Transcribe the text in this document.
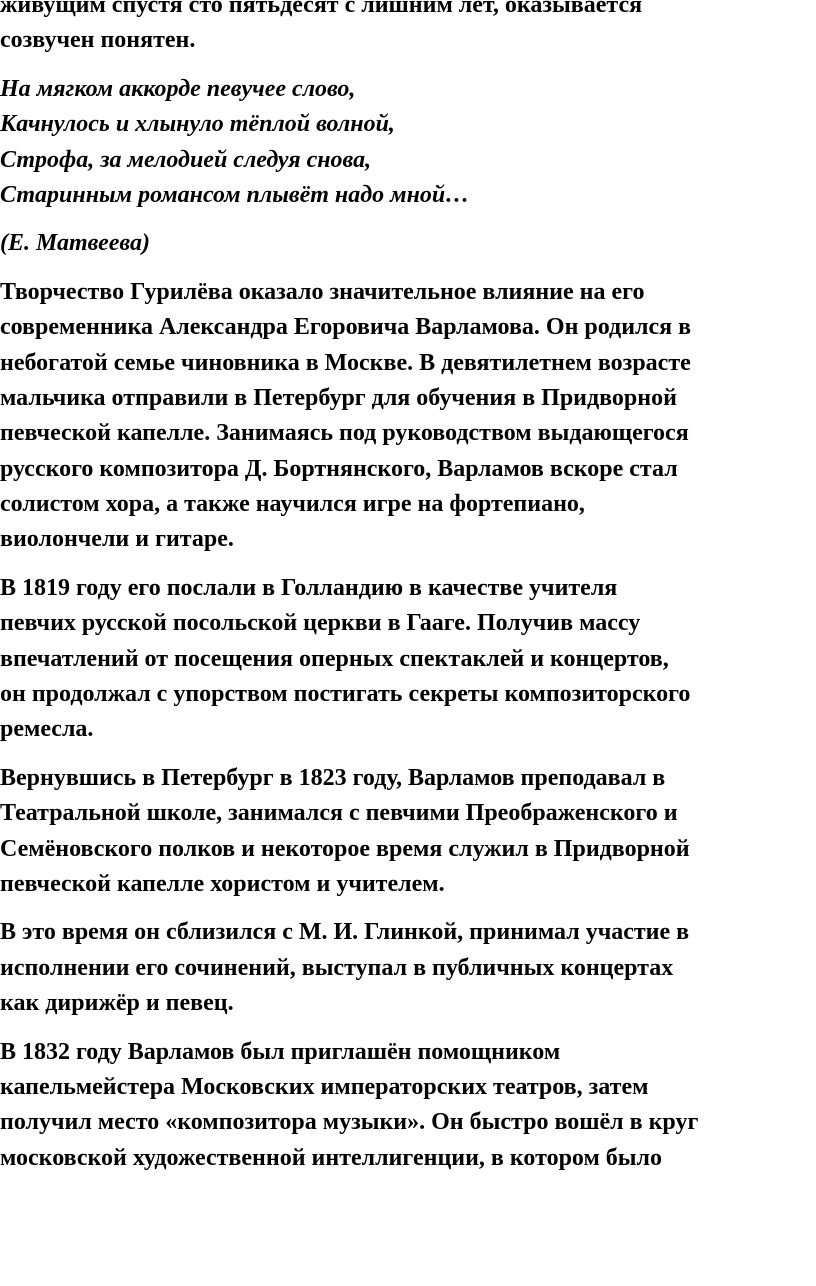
живущим спустя сто пятьдесят с лишним лет, оказывается
созвучен понятен.
На мягком аккорде певучее слово,
Качнулось и хлынуло тёплой волной,
Строфа, за мелодией следуя снова,
Старинным романсом плывёт надо мной…
(Е. Матвеева)
Творчество Гурилёва оказало значительное влияние на его
современника Александра Егоровича Варламова. Он родился в
небогатой семье чиновника в Москве. В девятилетнем возрасте
мальчика отправили в Петербург для обучения в Придворной
певческой капелле. Занимаясь под руководством выдающегося
русского композитора Д. Бортнянского, Варламов вскоре стал
солистом хора, а также научился игре на фортепиано,
виолончели и гитаре.
В 1819 году его послали в Голландию в качестве учителя
певчих русской посольской церкви в Гааге. Получив массу
впечатлений от посещения оперных спектаклей и концертов,
он продолжал с упорством постигать секреты композиторского
ремесла.
Вернувшись в Петербург в 1823 году, Варламов преподавал в
Театральной школе, занимался с певчими Преображенского и
Семёновского полков и некоторое время служил в Придворной
певческой капелле хористом и учителем.
В это время он сблизился с М. И. Глинкой, принимал участие в
исполнении его сочинений, выступал в публичных концертах
как дирижёр и певец.
В 1832 году Варламов был приглашён помощником
капельмейстера Московских императорских театров, затем
получил место «композитора музыки». Он быстро вошёл в круг
московской художественной интеллигенции, в котором было
